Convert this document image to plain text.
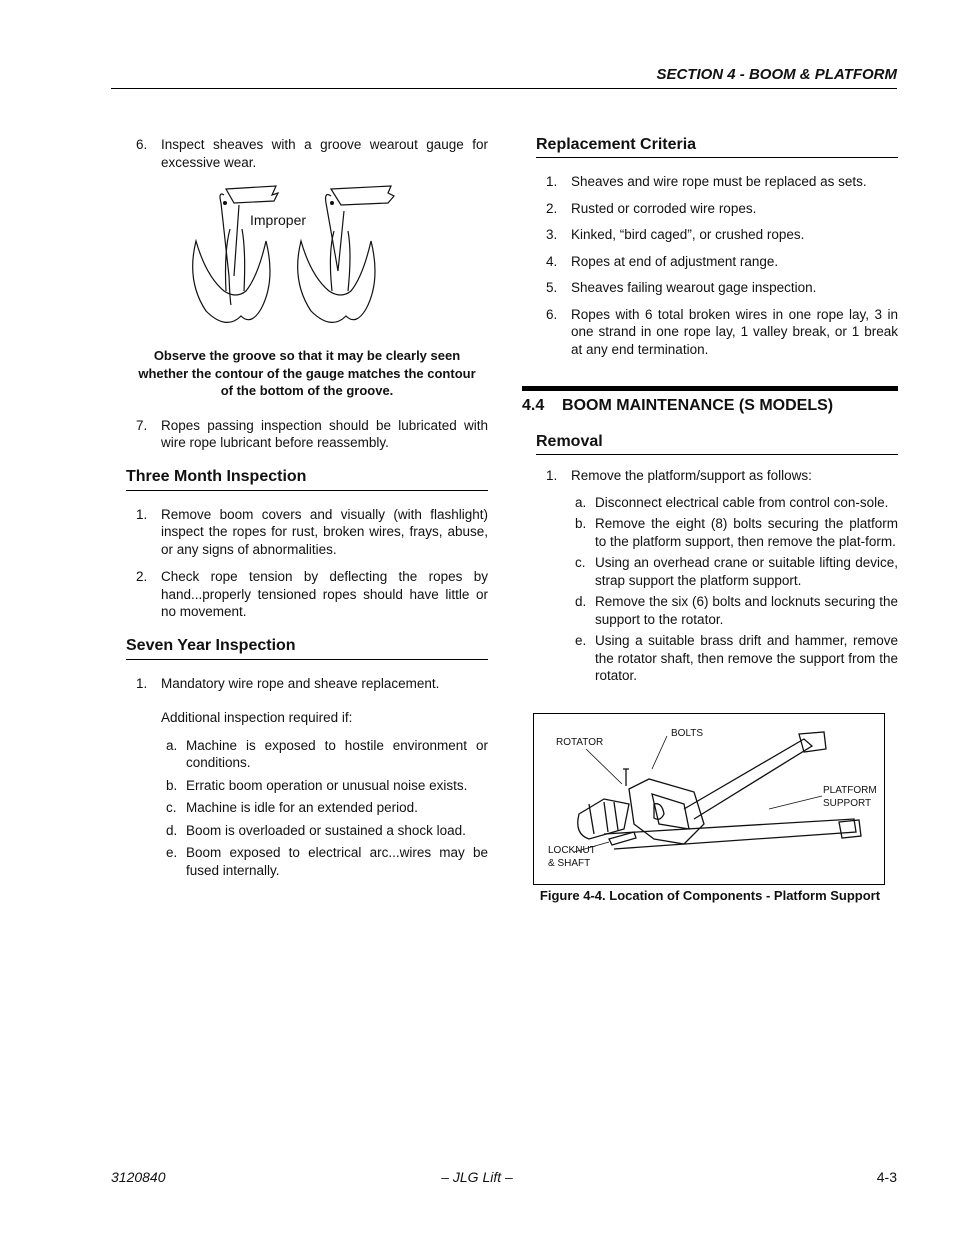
SECTION 4 - BOOM & PLATFORM
6. Inspect sheaves with a groove wearout gauge for excessive wear.
Improper
Observe the groove so that it may be clearly seen whether the contour of the gauge matches the contour of the bottom of the groove.
7. Ropes passing inspection should be lubricated with wire rope lubricant before reassembly.
Three Month Inspection
1. Remove boom covers and visually (with flashlight) inspect the ropes for rust, broken wires, frays, abuse, or any signs of abnormalities.
2. Check rope tension by deflecting the ropes by hand...properly tensioned ropes should have little or no movement.
Seven Year Inspection
1. Mandatory wire rope and sheave replacement.
Additional inspection required if:
a. Machine is exposed to hostile environment or conditions.
b. Erratic boom operation or unusual noise exists.
c. Machine is idle for an extended period.
d. Boom is overloaded or sustained a shock load.
e. Boom exposed to electrical arc...wires may be fused internally.
Replacement Criteria
1. Sheaves and wire rope must be replaced as sets.
2. Rusted or corroded wire ropes.
3. Kinked, “bird caged”, or crushed ropes.
4. Ropes at end of adjustment range.
5. Sheaves failing wearout gage inspection.
6. Ropes with 6 total broken wires in one rope lay, 3 in one strand in one rope lay, 1 valley break, or 1 break at any end termination.
4.4    BOOM MAINTENANCE (S MODELS)
Removal
1. Remove the platform/support as follows:
a. Disconnect electrical cable from control con-sole.
b. Remove the eight (8) bolts securing the platform to the platform support, then remove the plat-form.
c. Using an overhead crane or suitable lifting device, strap support the platform support.
d. Remove the six (6) bolts and locknuts securing the support to the rotator.
e. Using a suitable brass drift and hammer, remove the rotator shaft, then remove the support from the rotator.
ROTATOR
BOLTS
PLATFORM
SUPPORT
LOCKNUT
& SHAFT
Figure 4-4. Location of Components - Platform Support
3120840	– JLG Lift –	4-3
